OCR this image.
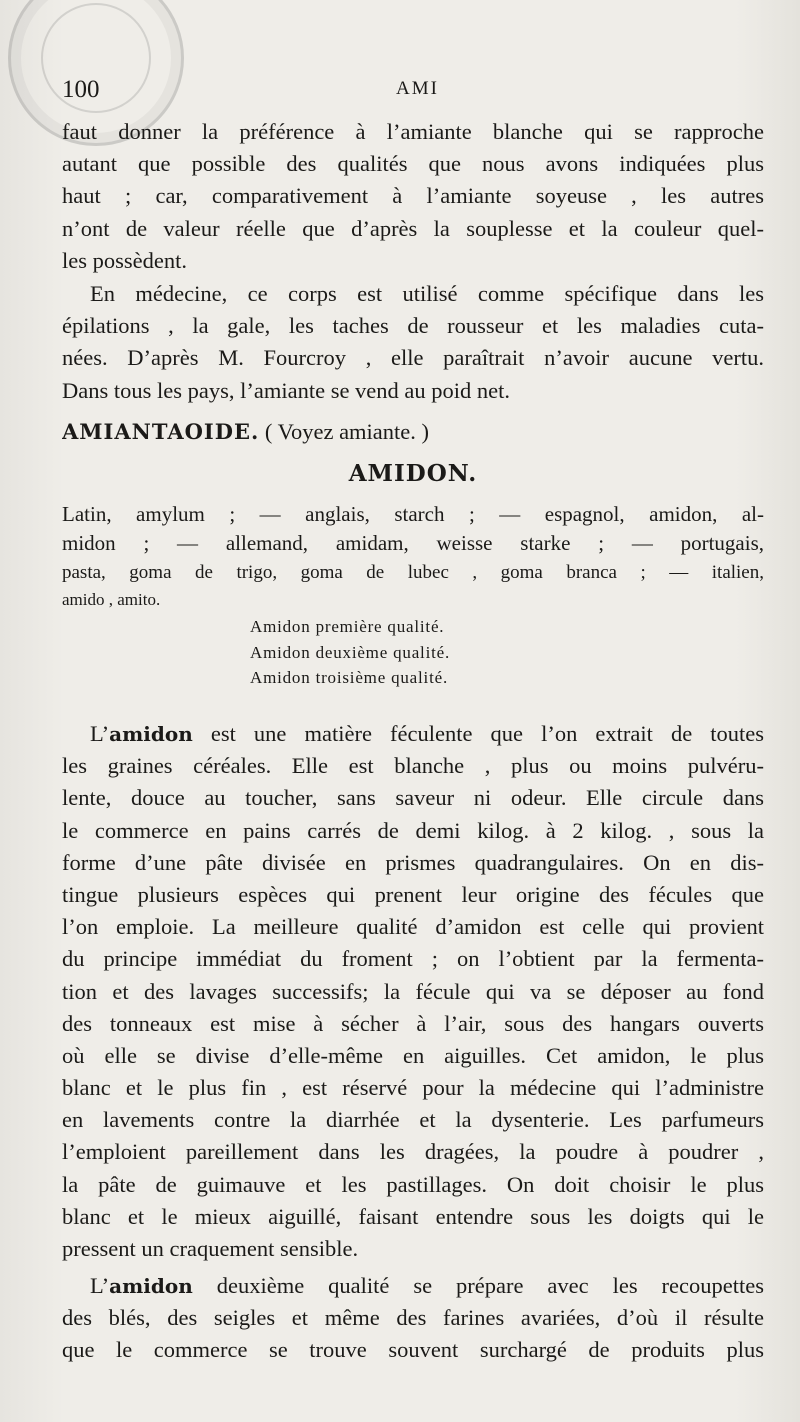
100	AMI
faut donner la préférence à l’amiante blanche qui se rapproche
autant que possible des qualités que nous avons indiquées plus
haut ; car, comparativement à l’amiante soyeuse , les autres
n’ont de valeur réelle que d’après la souplesse et la couleur quel-
les possèdent.
En médecine, ce corps est utilisé comme spécifique dans les
épilations , la gale, les taches de rousseur et les maladies cuta-
nées. D’après M. Fourcroy , elle paraîtrait n’avoir aucune vertu.
Dans tous les pays, l’amiante se vend au poid net.
AMIANTAOIDE. ( Voyez amiante. )
AMIDON.
Latin, amylum ; — anglais, starch ; — espagnol, amidon, al-
midon ; — allemand, amidam, weisse starke ; — portugais,
pasta, goma de trigo, goma de lubec , goma branca ; — italien,
amido , amito.
Amidon première qualité.
Amidon deuxième qualité.
Amidon troisième qualité.
L’amidon est une matière féculente que l’on extrait de toutes
les graines céréales. Elle est blanche , plus ou moins pulvéru-
lente, douce au toucher, sans saveur ni odeur. Elle circule dans
le commerce en pains carrés de demi kilog. à 2 kilog. , sous la
forme d’une pâte divisée en prismes quadrangulaires. On en dis-
tingue plusieurs espèces qui prenent leur origine des fécules que
l’on emploie. La meilleure qualité d’amidon est celle qui provient
du principe immédiat du froment ; on l’obtient par la fermenta-
tion et des lavages successifs; la fécule qui va se déposer au fond
des tonneaux est mise à sécher à l’air, sous des hangars ouverts
où elle se divise d’elle-même en aiguilles. Cet amidon, le plus
blanc et le plus fin , est réservé pour la médecine qui l’administre
en lavements contre la diarrhée et la dysenterie. Les parfumeurs
l’emploient pareillement dans les dragées, la poudre à poudrer ,
la pâte de guimauve et les pastillages. On doit choisir le plus
blanc et le mieux aiguillé, faisant entendre sous les doigts qui le
pressent un craquement sensible.
L’amidon deuxième qualité se prépare avec les recoupettes
des blés, des seigles et même des farines avariées, d’où il résulte
que le commerce se trouve souvent surchargé de produits plus
